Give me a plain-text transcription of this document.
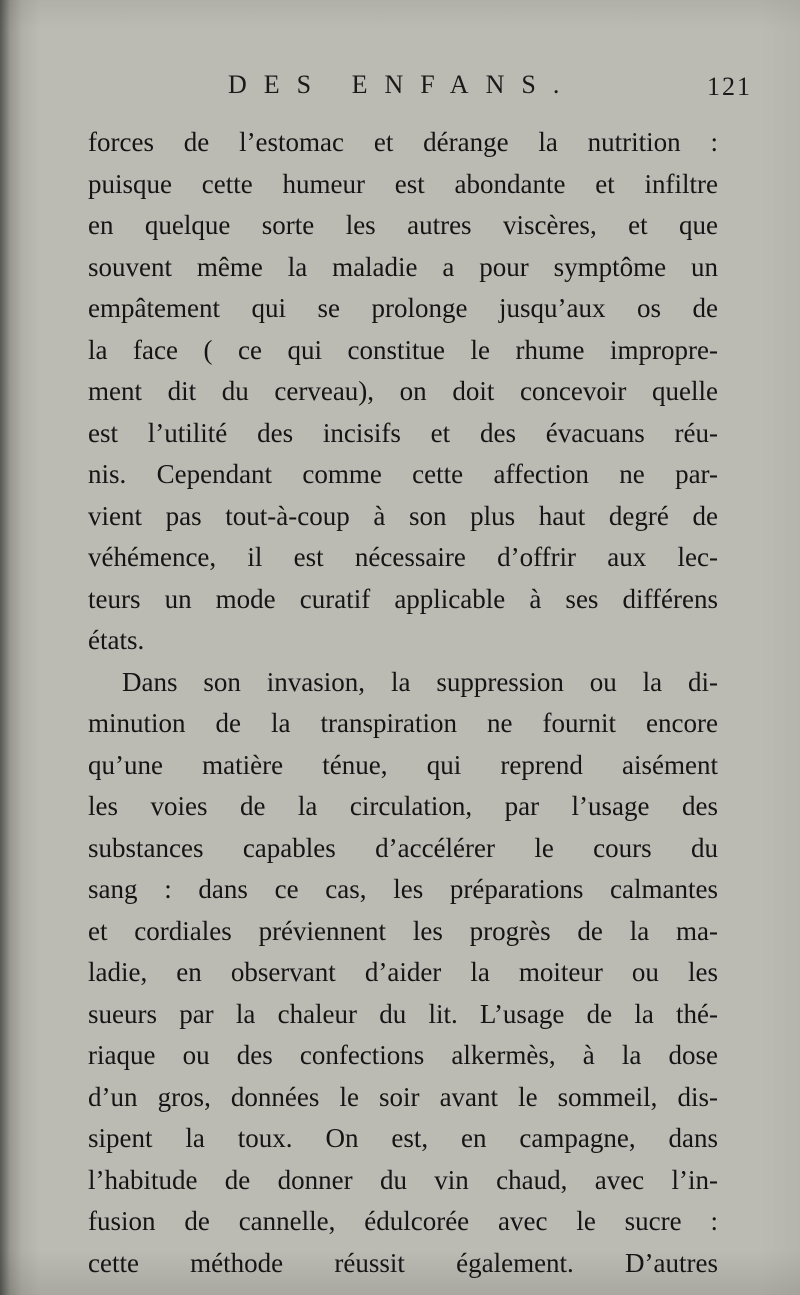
DES ENFANS.	121
forces de l’estomac et dérange la nutrition :
puisque cette humeur est abondante et infiltre
en quelque sorte les autres viscères, et que
souvent même la maladie a pour symptôme un
empâtement qui se prolonge jusqu’aux os de
la face ( ce qui constitue le rhume impropre-
ment dit du cerveau), on doit concevoir quelle
est l’utilité des incisifs et des évacuans réu-
nis. Cependant comme cette affection ne par-
vient pas tout-à-coup à son plus haut degré de
véhémence, il est nécessaire d’offrir aux lec-
teurs un mode curatif applicable à ses différens
états.
Dans son invasion, la suppression ou la di-
minution de la transpiration ne fournit encore
qu’une matière ténue, qui reprend aisément
les voies de la circulation, par l’usage des
substances capables d’accélérer le cours du
sang : dans ce cas, les préparations calmantes
et cordiales préviennent les progrès de la ma-
ladie, en observant d’aider la moiteur ou les
sueurs par la chaleur du lit. L’usage de la thé-
riaque ou des confections alkermès, à la dose
d’un gros, données le soir avant le sommeil, dis-
sipent la toux. On est, en campagne, dans
l’habitude de donner du vin chaud, avec l’in-
fusion de cannelle, édulcorée avec le sucre :
cette méthode réussit également. D’autres
